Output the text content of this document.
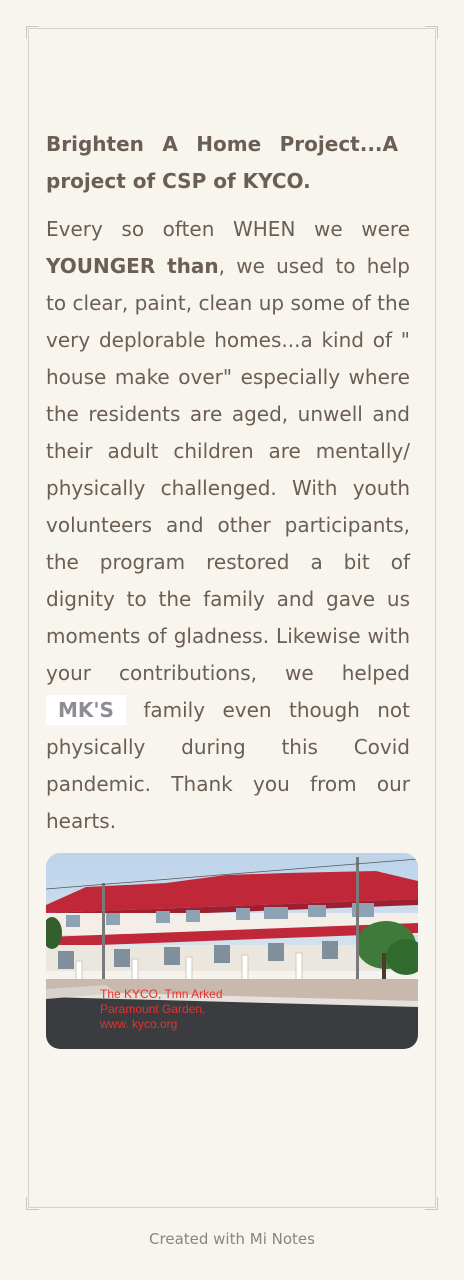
Brighten A Home Project...A project of CSP of KYCO.

Every so often WHEN we were YOUNGER than, we used to help to clear, paint, clean up some of the very deplorable homes...a kind of " house make over" especially where the residents are aged, unwell and their adult children are mentally/ physically challenged. With youth volunteers and other participants, the program restored a bit of dignity to the family and gave us moments of gladness. Likewise with your contributions, we helped MK'S family even though not physically during this Covid pandemic. Thank you from our hearts.

The KYCO, Tmn Arked
Paramount Garden,
www. kyco.org
Created with Mi Notes
